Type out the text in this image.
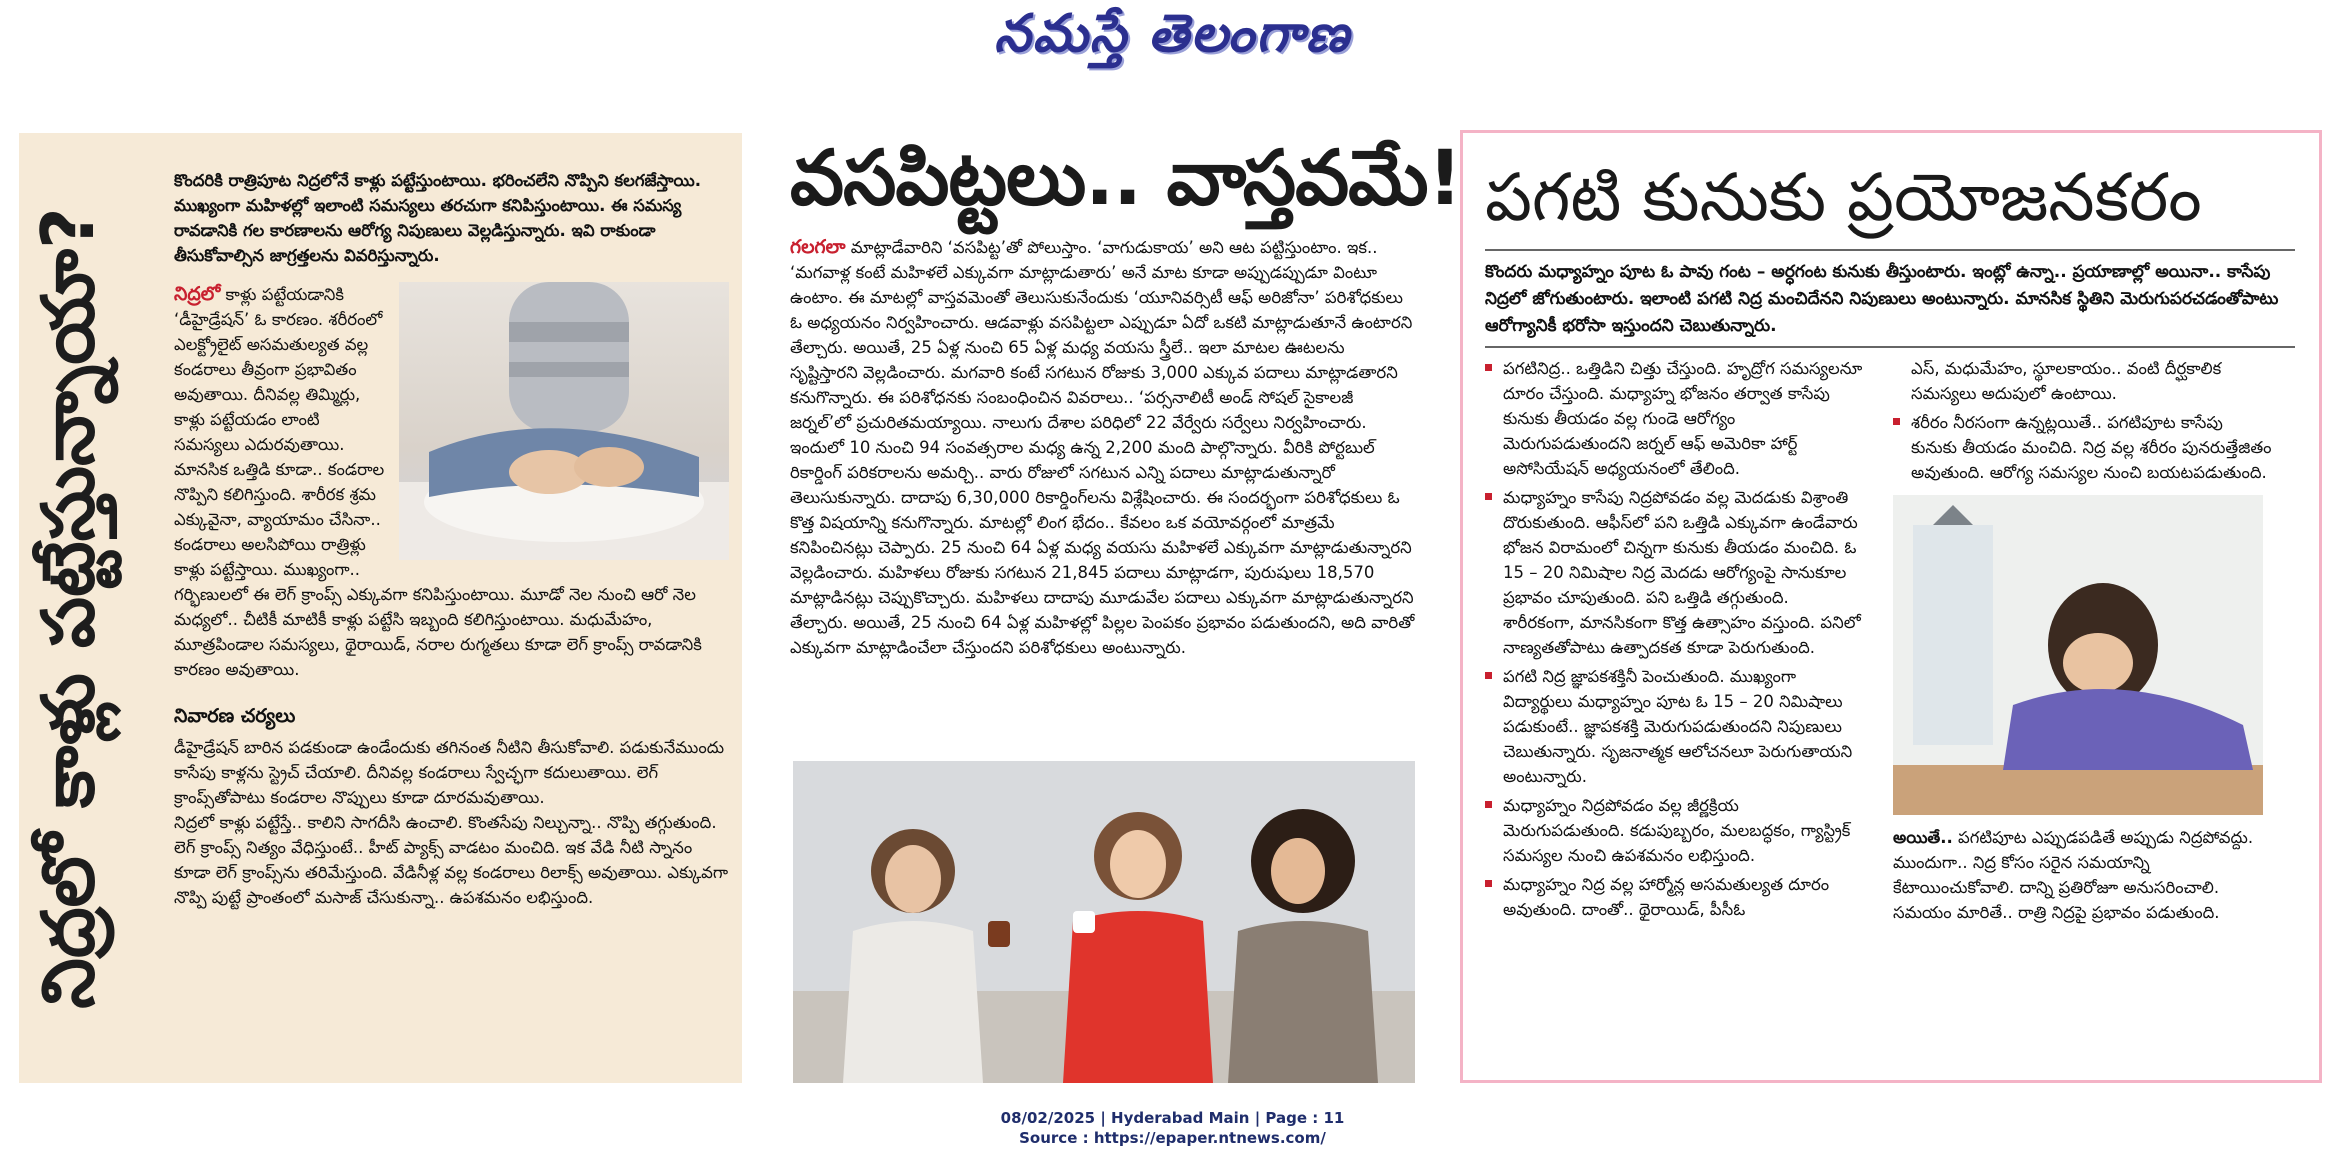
నమస్తే తెలంగాణ
నిద్రలో కాళ్లు పట్టేస్తున్నాయా?

కొందరికి రాత్రిపూట నిద్రలోనే కాళ్లు పట్టేస్తుంటాయి. భరించలేని నొప్పిని కలగజేస్తాయి. ముఖ్యంగా మహిళల్లో ఇలాంటి సమస్యలు తరచుగా కనిపిస్తుంటాయి. ఈ సమస్య రావడానికి గల కారణాలను ఆరోగ్య నిపుణులు వెల్లడిస్తున్నారు. ఇవి రాకుండా తీసుకోవాల్సిన జాగ్రత్తలను వివరిస్తున్నారు.

నిద్రలో కాళ్లు పట్టేయడానికి ‘డీహైడ్రేషన్’ ఓ కారణం. శరీరంలో ఎలక్ట్రోలైట్ అసమతుల్యత వల్ల కండరాలు తీవ్రంగా ప్రభావితం అవుతాయి. దీనివల్ల తిమ్మిర్లు, కాళ్లు పట్టేయడం లాంటి సమస్యలు ఎదురవుతాయి. మానసిక ఒత్తిడి కూడా.. కండరాల నొప్పిని కలిగిస్తుంది. శారీరక శ్రమ ఎక్కువైనా, వ్యాయామం చేసినా.. కండరాలు అలసిపోయి రాత్రిళ్లు కాళ్లు పట్టేస్తాయి. ముఖ్యంగా.. గర్భిణులలో ఈ లెగ్ క్రాంప్స్ ఎక్కువగా కనిపిస్తుంటాయి. మూడో నెల నుంచి ఆరో నెల మధ్యలో.. చీటికీ మాటికీ కాళ్లు పట్టేసి ఇబ్బంది కలిగిస్తుంటాయి. మధుమేహం, మూత్రపిండాల సమస్యలు, థైరాయిడ్, నరాల రుగ్మతలు కూడా లెగ్ క్రాంప్స్ రావడానికి కారణం అవుతాయి.

నివారణ చర్యలు

డీహైడ్రేషన్ బారిన పడకుండా ఉండేందుకు తగినంత నీటిని తీసుకోవాలి. పడుకునేముందు కాసేపు కాళ్లను స్ట్రెచ్ చేయాలి. దీనివల్ల కండరాలు స్వేచ్ఛగా కదులుతాయి. లెగ్ క్రాంప్స్‌తోపాటు కండరాల నొప్పులు కూడా దూరమవుతాయి.

నిద్రలో కాళ్లు పట్టేస్తే.. కాలిని సాగదీసి ఉంచాలి. కొంతసేపు నిల్చున్నా.. నొప్పి తగ్గుతుంది. లెగ్ క్రాంప్స్ నిత్యం వేధిస్తుంటే.. హీట్ ప్యాక్స్ వాడటం మంచిది. ఇక వేడి నీటి స్నానం కూడా లెగ్ క్రాంప్స్‌ను తరిమేస్తుంది. వేడినీళ్ల వల్ల కండరాలు రిలాక్స్ అవుతాయి. ఎక్కువగా నొప్పి పుట్టే ప్రాంతంలో మసాజ్ చేసుకున్నా.. ఉపశమనం లభిస్తుంది.

వసపిట్టలు.. వాస్తవమే!
గలగలా మాట్లాడేవారిని ‘వసపిట్ట’తో పోలుస్తాం. ‘వాగుడుకాయ’ అని ఆట పట్టిస్తుంటాం. ఇక.. ‘మగవాళ్ల కంటే మహిళలే ఎక్కువగా మాట్లాడుతారు’ అనే మాట కూడా అప్పుడప్పుడూ వింటూ ఉంటాం. ఈ మాటల్లో వాస్తవమెంతో తెలుసుకునేందుకు ‘యూనివర్సిటీ ఆఫ్ అరిజోనా’ పరిశోధకులు ఓ అధ్యయనం నిర్వహించారు. ఆడవాళ్లు వసపిట్టలా ఎప్పుడూ ఏదో ఒకటి మాట్లాడుతూనే ఉంటారని తేల్చారు. అయితే, 25 ఏళ్ల నుంచి 65 ఏళ్ల మధ్య వయసు స్త్రీలే.. ఇలా మాటల ఊటలను సృష్టిస్తారని వెల్లడించారు. మగవారి కంటే సగటున రోజుకు 3,000 ఎక్కువ పదాలు మాట్లాడతారని కనుగొన్నారు. ఈ పరిశోధనకు సంబంధించిన వివరాలు.. ‘పర్సనాలిటీ అండ్ సోషల్ సైకాలజీ జర్నల్’లో ప్రచురితమయ్యాయి. నాలుగు దేశాల పరిధిలో 22 వేర్వేరు సర్వేలు నిర్వహించారు. ఇందులో 10 నుంచి 94 సంవత్సరాల మధ్య ఉన్న 2,200 మంది పాల్గొన్నారు. వీరికి పోర్టబుల్ రికార్డింగ్ పరికరాలను అమర్చి.. వారు రోజులో సగటున ఎన్ని పదాలు మాట్లాడుతున్నారో తెలుసుకున్నారు. దాదాపు 6,30,000 రికార్డింగ్‌లను విశ్లేషించారు. ఈ సందర్భంగా పరిశోధకులు ఓ కొత్త విషయాన్ని కనుగొన్నారు. మాటల్లో లింగ భేదం.. కేవలం ఒక వయోవర్గంలో మాత్రమే కనిపించినట్లు చెప్పారు. 25 నుంచి 64 ఏళ్ల మధ్య వయసు మహిళలే ఎక్కువగా మాట్లాడుతున్నారని వెల్లడించారు. మహిళలు రోజుకు సగటున 21,845 పదాలు మాట్లాడగా, పురుషులు 18,570 మాట్లాడినట్లు చెప్పుకొచ్చారు. మహిళలు దాదాపు మూడువేల పదాలు ఎక్కువగా మాట్లాడుతున్నారని తేల్చారు. అయితే, 25 నుంచి 64 ఏళ్ల మహిళల్లో పిల్లల పెంపకం ప్రభావం పడుతుందని, అది వారితో ఎక్కువగా మాట్లాడించేలా చేస్తుందని పరిశోధకులు అంటున్నారు.
పగటి కునుకు ప్రయోజనకరం
కొందరు మధ్యాహ్నం పూట ఓ పావు గంట – అర్ధగంట కునుకు తీస్తుంటారు. ఇంట్లో ఉన్నా.. ప్రయాణాల్లో అయినా.. కాసేపు నిద్రలో జోగుతుంటారు. ఇలాంటి పగటి నిద్ర మంచిదేనని నిపుణులు అంటున్నారు. మానసిక స్థితిని మెరుగుపరచడంతోపాటు ఆరోగ్యానికీ భరోసా ఇస్తుందని చెబుతున్నారు.
పగటినిద్ర.. ఒత్తిడిని చిత్తు చేస్తుంది. హృద్రోగ సమస్యలనూ దూరం చేస్తుంది. మధ్యాహ్న భోజనం తర్వాత కాసేపు కునుకు తీయడం వల్ల గుండె ఆరోగ్యం మెరుగుపడుతుందని జర్నల్ ఆఫ్ అమెరికా హార్ట్ అసోసియేషన్ అధ్యయనంలో తేలింది.
మధ్యాహ్నం కాసేపు నిద్రపోవడం వల్ల మెదడుకు విశ్రాంతి దొరుకుతుంది. ఆఫీస్‌లో పని ఒత్తిడి ఎక్కువగా ఉండేవారు భోజన విరామంలో చిన్నగా కునుకు తీయడం మంచిది. ఓ 15 – 20 నిమిషాల నిద్ర మెదడు ఆరోగ్యంపై సానుకూల ప్రభావం చూపుతుంది. పని ఒత్తిడి తగ్గుతుంది. శారీరకంగా, మానసికంగా కొత్త ఉత్సాహం వస్తుంది. పనిలో నాణ్యతతోపాటు ఉత్పాదకత కూడా పెరుగుతుంది.
పగటి నిద్ర జ్ఞాపకశక్తినీ పెంచుతుంది. ముఖ్యంగా విద్యార్థులు మధ్యాహ్నం పూట ఓ 15 – 20 నిమిషాలు పడుకుంటే.. జ్ఞాపకశక్తి మెరుగుపడుతుందని నిపుణులు చెబుతున్నారు. సృజనాత్మక ఆలోచనలూ పెరుగుతాయని అంటున్నారు.
మధ్యాహ్నం నిద్రపోవడం వల్ల జీర్ణక్రియ మెరుగుపడుతుంది. కడుపుబ్బరం, మలబద్ధకం, గ్యాస్ట్రిక్ సమస్యల నుంచి ఉపశమనం లభిస్తుంది.
మధ్యాహ్నం నిద్ర వల్ల హార్మోన్ల అసమతుల్యత దూరం అవుతుంది. దాంతో.. థైరాయిడ్, పీసీఓ

ఎస్, మధుమేహం, స్థూలకాయం.. వంటి దీర్ఘకాలిక సమస్యలు అదుపులో ఉంటాయి.

శరీరం నీరసంగా ఉన్నట్లయితే.. పగటిపూట కాసేపు కునుకు తీయడం మంచిది. నిద్ర వల్ల శరీరం పునరుత్తేజితం అవుతుంది. ఆరోగ్య సమస్యల నుంచి బయటపడుతుంది.

అయితే.. పగటిపూట ఎప్పుడపడితే అప్పుడు నిద్రపోవద్దు. ముందుగా.. నిద్ర కోసం సరైన సమయాన్ని కేటాయించుకోవాలి. దాన్ని ప్రతిరోజూ అనుసరించాలి. సమయం మారితే.. రాత్రి నిద్రపై ప్రభావం పడుతుంది.

08/02/2025 | Hyderabad Main | Page : 11
Source : https://epaper.ntnews.com/
